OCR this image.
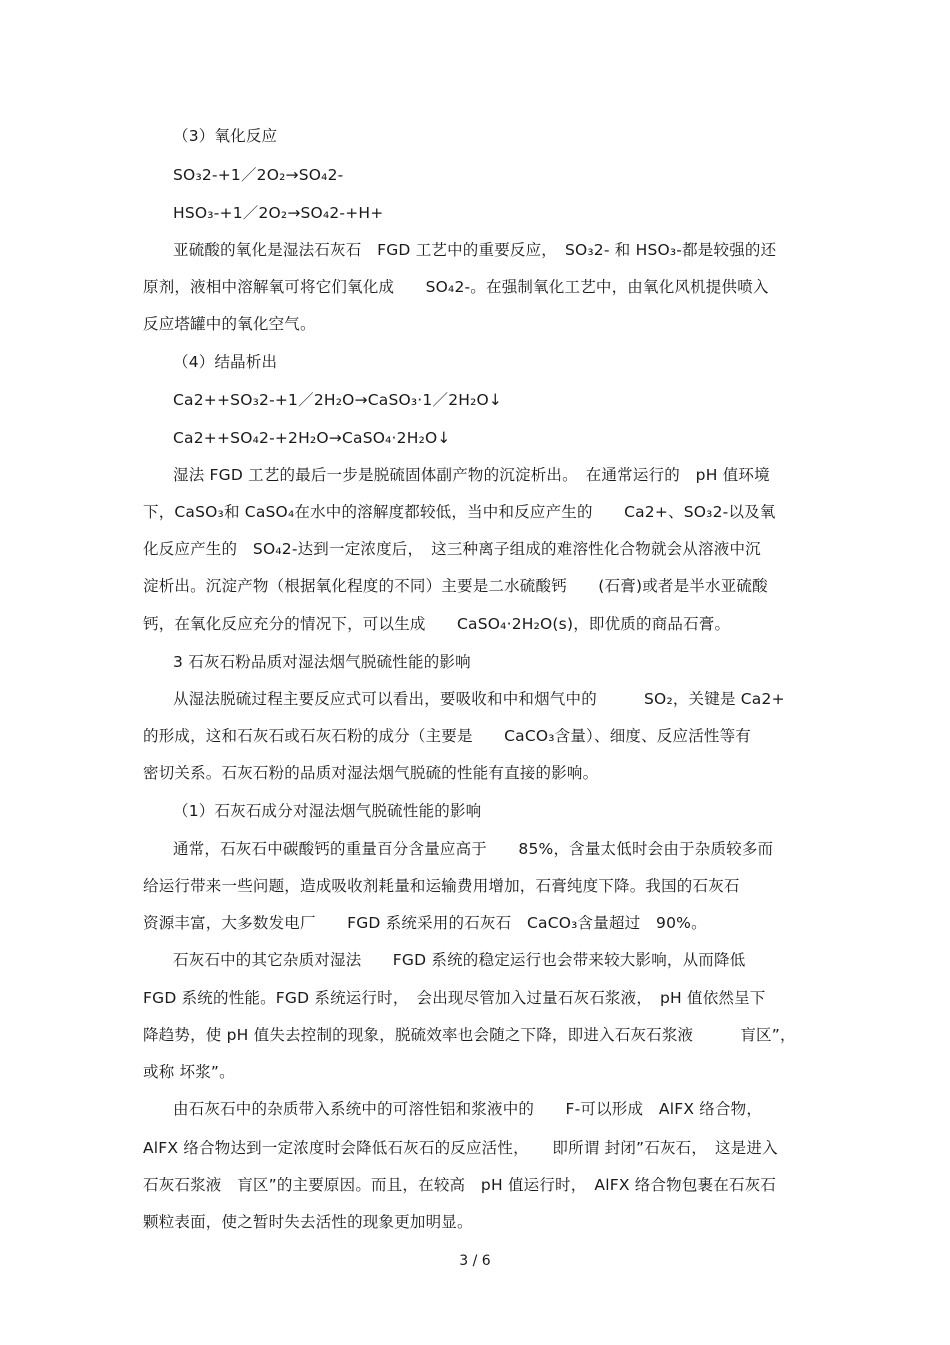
（3）氧化反应
SO₃2-+1／2O₂→SO₄2-
HSO₃-+1／2O₂→SO₄2-+H+
亚硫酸的氧化是湿法石灰石　FGD 工艺中的重要反应，　SO₃2- 和 HSO₃-都是较强的还
原剂，液相中溶解氧可将它们氧化成　　SO₄2-。在强制氧化工艺中，由氧化风机提供喷入
反应塔罐中的氧化空气。
（4）结晶析出
Ca2++SO₃2-+1／2H₂O→CaSO₃·1／2H₂O↓
Ca2++SO₄2-+2H₂O→CaSO₄·2H₂O↓
湿法 FGD 工艺的最后一步是脱硫固体副产物的沉淀析出。　在通常运行的　pH 值环境
下，CaSO₃和 CaSO₄在水中的溶解度都较低，当中和反应产生的　　Ca2+、SO₃2-以及氧
化反应产生的　SO₄2-达到一定浓度后，　这三种离子组成的难溶性化合物就会从溶液中沉
淀析出。沉淀产物（根据氧化程度的不同）主要是二水硫酸钙　　(石膏)或者是半水亚硫酸
钙，在氧化反应充分的情况下，可以生成　　CaSO₄·2H₂O(s)，即优质的商品石膏。
3 石灰石粉品质对湿法烟气脱硫性能的影响
从湿法脱硫过程主要反应式可以看出，要吸收和中和烟气中的　　　SO₂，关键是 Ca2+
的形成，这和石灰石或石灰石粉的成分（主要是　　CaCO₃含量）、细度、反应活性等有
密切关系。石灰石粉的品质对湿法烟气脱硫的性能有直接的影响。
（1）石灰石成分对湿法烟气脱硫性能的影响
通常，石灰石中碳酸钙的重量百分含量应高于　　85%，含量太低时会由于杂质较多而
给运行带来一些问题，造成吸收剂耗量和运输费用增加，石膏纯度下降。我国的石灰石
资源丰富，大多数发电厂　　FGD 系统采用的石灰石　CaCO₃含量超过　90%。
石灰石中的其它杂质对湿法　　FGD 系统的稳定运行也会带来较大影响，从而降低
FGD 系统的性能。FGD 系统运行时，　会出现尽管加入过量石灰石浆液，　pH 值依然呈下
降趋势，使 pH 值失去控制的现象，脱硫效率也会随之下降，即进入石灰石浆液　　　肓区”，
或称 坏浆”。
由石灰石中的杂质带入系统中的可溶性铝和浆液中的　　F-可以形成　AlFX 络合物，
AlFX 络合物达到一定浓度时会降低石灰石的反应活性，　　即所谓 封闭”石灰石，　这是进入
石灰石浆液　肓区”的主要原因。而且，在较高　pH 值运行时，　AlFX 络合物包裹在石灰石
颗粒表面，使之暂时失去活性的现象更加明显。
3 / 6
